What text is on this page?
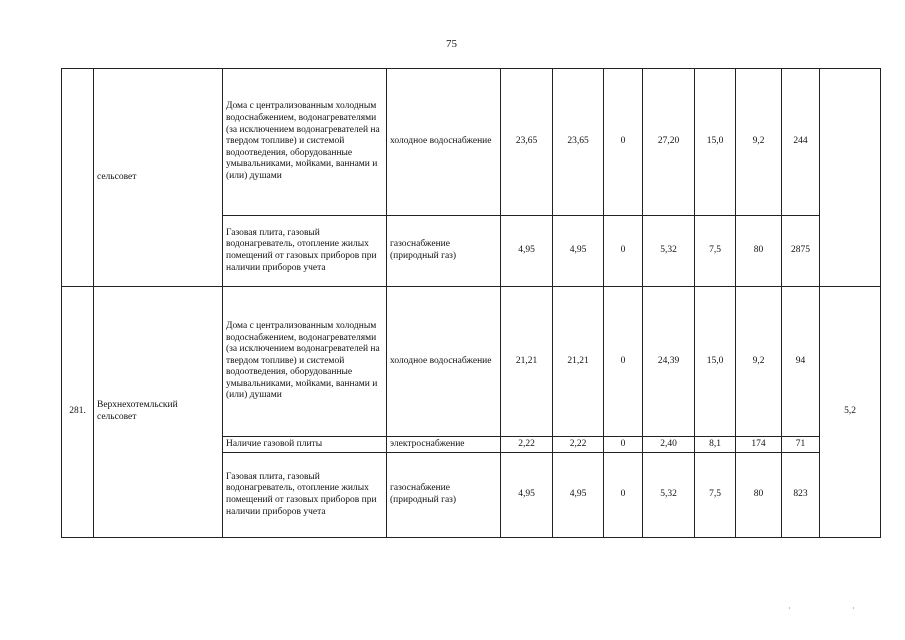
75
	сельсовет	Дома с централизованным холодным водоснабжением, водонагревателями (за исключением водонагревателей на твердом топливе) и системой водоотведения, оборудованные умывальниками, мойками, ваннами и (или) душами	холодное водоснабжение	23,65	23,65	0	27,20	15,0	9,2	244	
		Газовая плита, газовый водонагреватель, отопление жилых помещений от газовых приборов при наличии приборов учета	газоснабжение (природный газ)	4,95	4,95	0	5,32	7,5	80	2875	
281.	Верхнехотемльский сельсовет	Дома с централизованным холодным водоснабжением, водонагревателями (за исключением водонагревателей на твердом топливе) и системой водоотведения, оборудованные умывальниками, мойками, ваннами и (или) душами	холодное водоснабжение	21,21	21,21	0	24,39	15,0	9,2	94	5,2
		Наличие газовой плиты	электроснабжение	2,22	2,22	0	2,40	8,1	174	71	
		Газовая плита, газовый водонагреватель, отопление жилых помещений от газовых приборов при наличии приборов учета	газоснабжение (природный газ)	4,95	4,95	0	5,32	7,5	80	823	
·	·
